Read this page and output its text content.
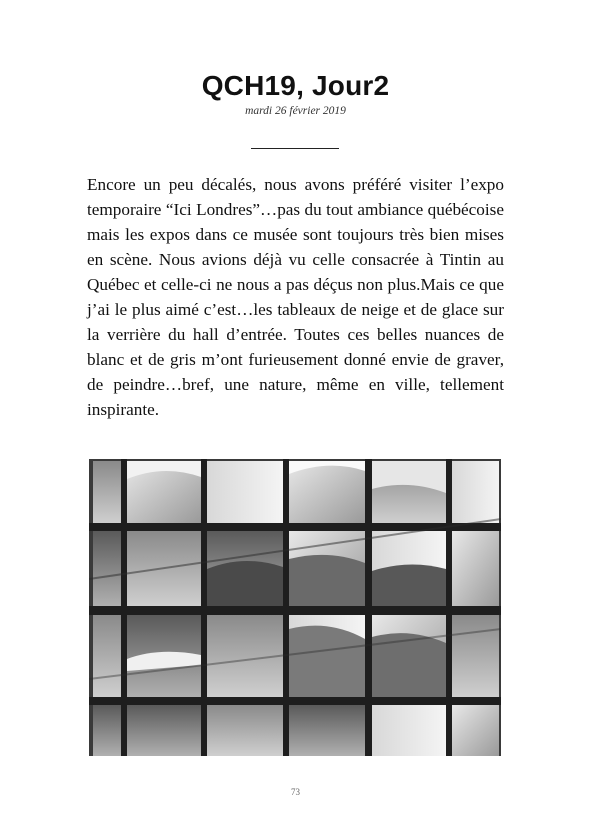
QCH19, Jour2
mardi 26 février 2019

Encore un peu décalés, nous avons préféré visiter l’expo temporaire “Ici Londres”…pas du tout ambiance québécoise mais les expos dans ce musée sont toujours très bien mises en scène. Nous avions déjà vu celle consacrée à Tintin au Québec et celle-ci ne nous a pas déçus non plus.Mais ce que j’ai le plus aimé c’est…les tableaux de neige et de glace sur la verrière du hall d’entrée. Toutes ces belles nuances de blanc et de gris m’ont furieusement donné envie de graver, de peindre…bref, une nature, même en ville, tellement inspirante.

73
